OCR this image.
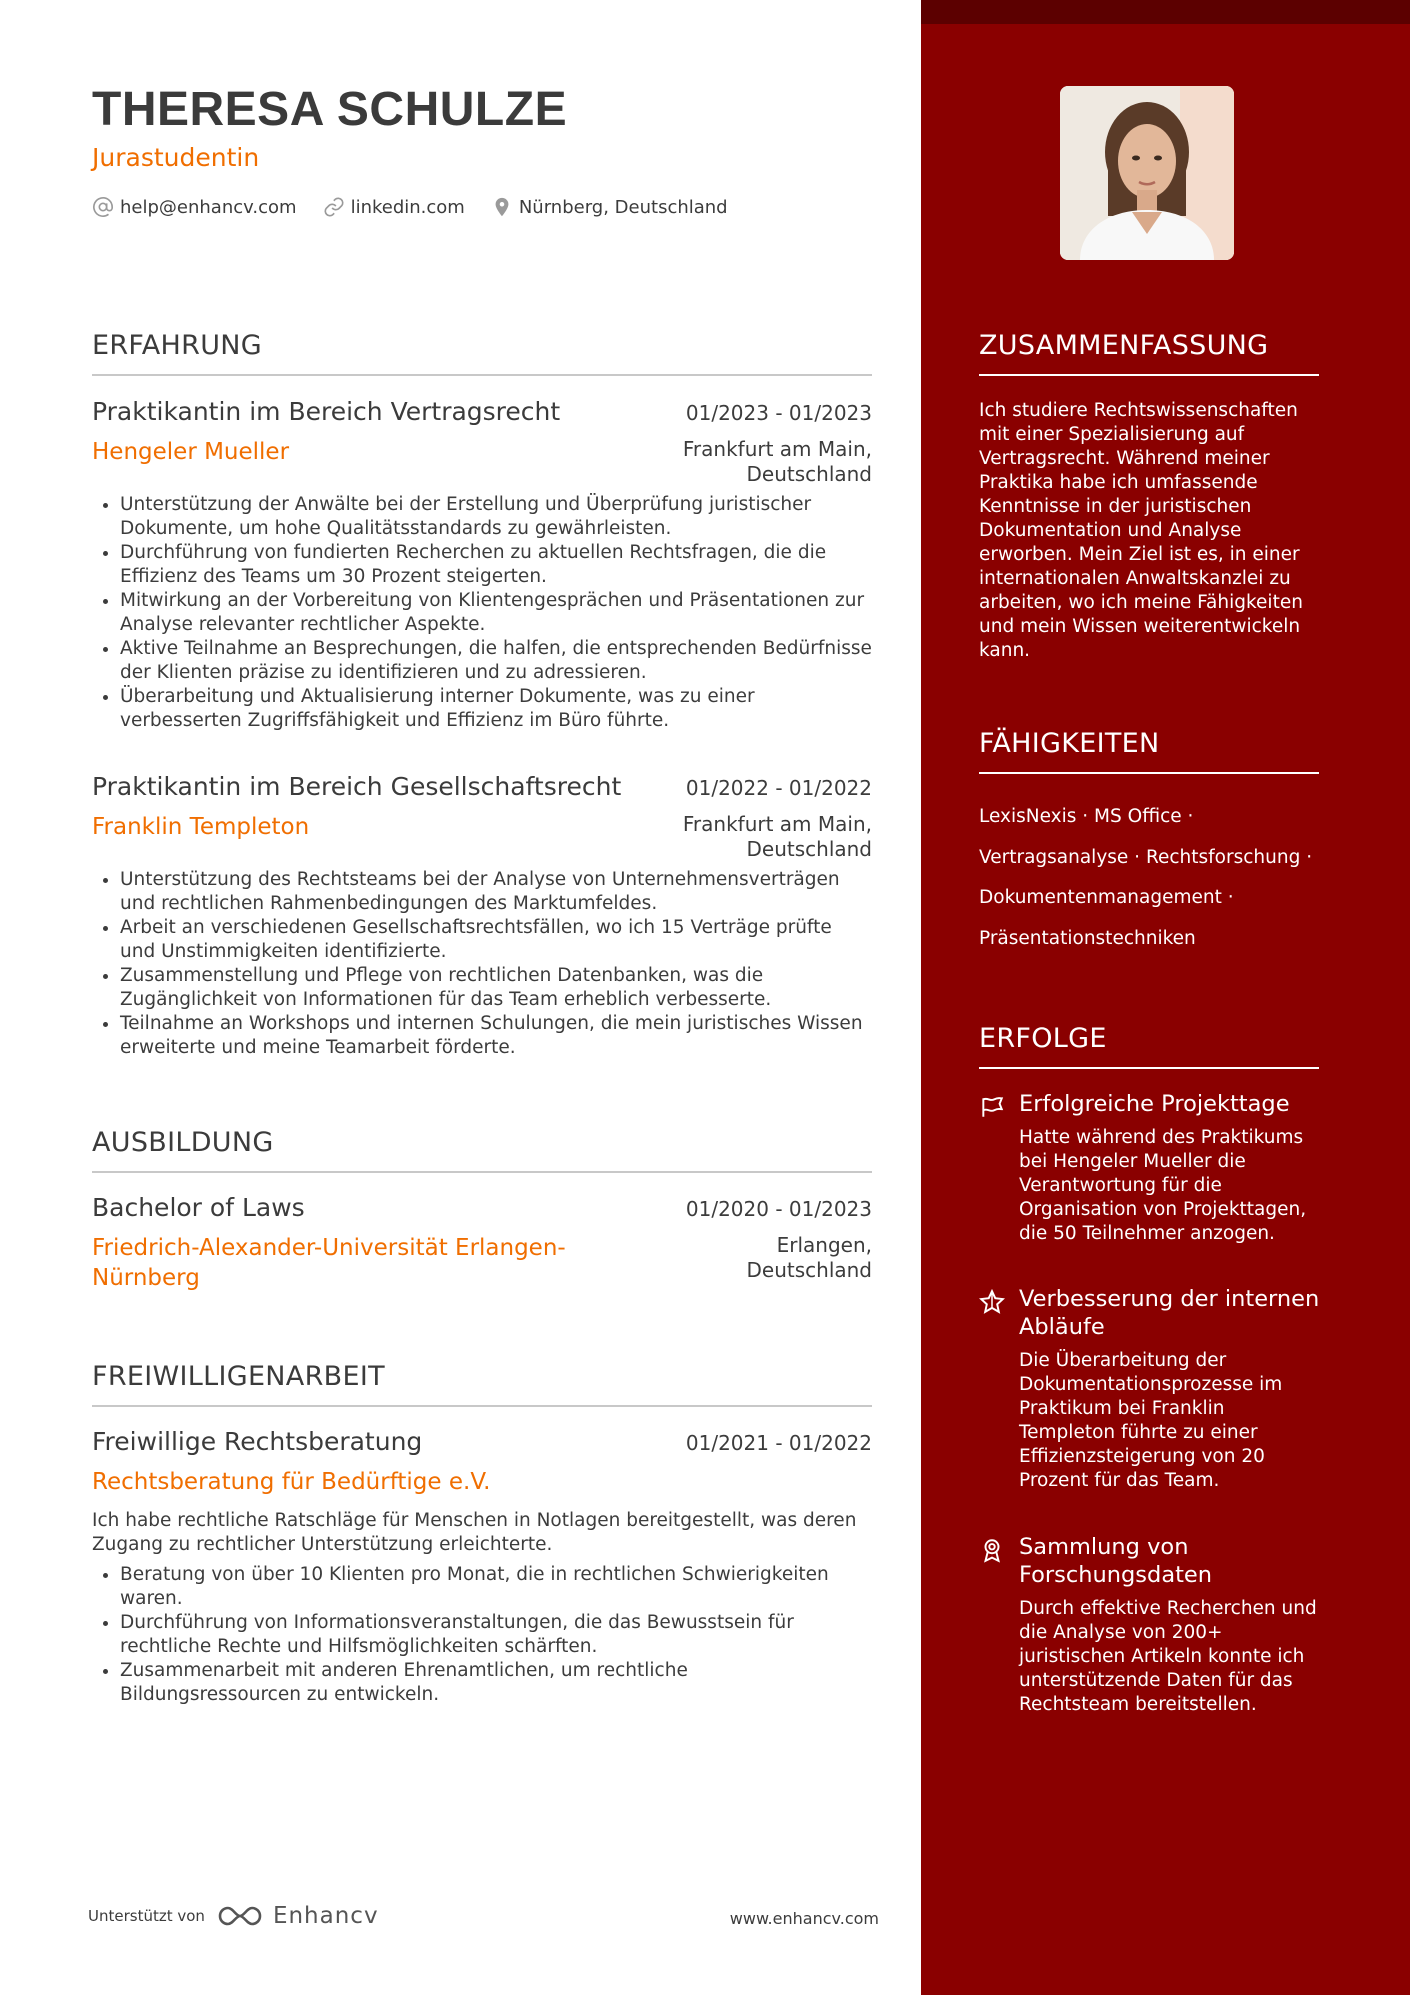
THERESA SCHULZE
Jurastudentin
help@enhancv.com	linkedin.com	Nürnberg, Deutschland
ERFAHRUNG
Praktikantin im Bereich Vertragsrecht	01/2023 - 01/2023
Hengeler Mueller	Frankfurt am Main,
Deutschland
• Unterstützung der Anwälte bei der Erstellung und Überprüfung juristischer Dokumente, um hohe Qualitätsstandards zu gewährleisten.
• Durchführung von fundierten Recherchen zu aktuellen Rechtsfragen, die die Effizienz des Teams um 30 Prozent steigerten.
• Mitwirkung an der Vorbereitung von Klientengesprächen und Präsentationen zur Analyse relevanter rechtlicher Aspekte.
• Aktive Teilnahme an Besprechungen, die halfen, die entsprechenden Bedürfnisse der Klienten präzise zu identifizieren und zu adressieren.
• Überarbeitung und Aktualisierung interner Dokumente, was zu einer verbesserten Zugriffsfähigkeit und Effizienz im Büro führte.
Praktikantin im Bereich Gesellschaftsrecht	01/2022 - 01/2022
Franklin Templeton	Frankfurt am Main,
Deutschland
• Unterstützung des Rechtsteams bei der Analyse von Unternehmensverträgen und rechtlichen Rahmenbedingungen des Marktumfeldes.
• Arbeit an verschiedenen Gesellschaftsrechtsfällen, wo ich 15 Verträge prüfte und Unstimmigkeiten identifizierte.
• Zusammenstellung und Pflege von rechtlichen Datenbanken, was die Zugänglichkeit von Informationen für das Team erheblich verbesserte.
• Teilnahme an Workshops und internen Schulungen, die mein juristisches Wissen erweiterte und meine Teamarbeit förderte.
AUSBILDUNG
Bachelor of Laws	01/2020 - 01/2023
Friedrich-Alexander-Universität Erlangen-
Nürnberg
Erlangen,
Deutschland
FREIWILLIGENARBEIT
Freiwillige Rechtsberatung	01/2021 - 01/2022
Rechtsberatung für Bedürftige e.V.
Ich habe rechtliche Ratschläge für Menschen in Notlagen bereitgestellt, was deren Zugang zu rechtlicher Unterstützung erleichterte.
• Beratung von über 10 Klienten pro Monat, die in rechtlichen Schwierigkeiten waren.
• Durchführung von Informationsveranstaltungen, die das Bewusstsein für rechtliche Rechte und Hilfsmöglichkeiten schärften.
• Zusammenarbeit mit anderen Ehrenamtlichen, um rechtliche Bildungsressourcen zu entwickeln.
Unterstützt von	Enhancv	www.enhancv.com
ZUSAMMENFASSUNG
Ich studiere Rechtswissenschaften mit einer Spezialisierung auf Vertragsrecht. Während meiner Praktika habe ich umfassende Kenntnisse in der juristischen Dokumentation und Analyse erworben. Mein Ziel ist es, in einer internationalen Anwaltskanzlei zu arbeiten, wo ich meine Fähigkeiten und mein Wissen weiterentwickeln kann.
FÄHIGKEITEN
LexisNexis · MS Office ·
Vertragsanalyse · Rechtsforschung ·
Dokumentenmanagement ·
Präsentationstechniken
ERFOLGE
Erfolgreiche Projekttage
Hatte während des Praktikums bei Hengeler Mueller die Verantwortung für die Organisation von Projekttagen, die 50 Teilnehmer anzogen.
Verbesserung der internen Abläufe
Die Überarbeitung der Dokumentationsprozesse im Praktikum bei Franklin Templeton führte zu einer Effizienzsteigerung von 20 Prozent für das Team.
Sammlung von Forschungsdaten
Durch effektive Recherchen und die Analyse von 200+ juristischen Artikeln konnte ich unterstützende Daten für das Rechtsteam bereitstellen.
